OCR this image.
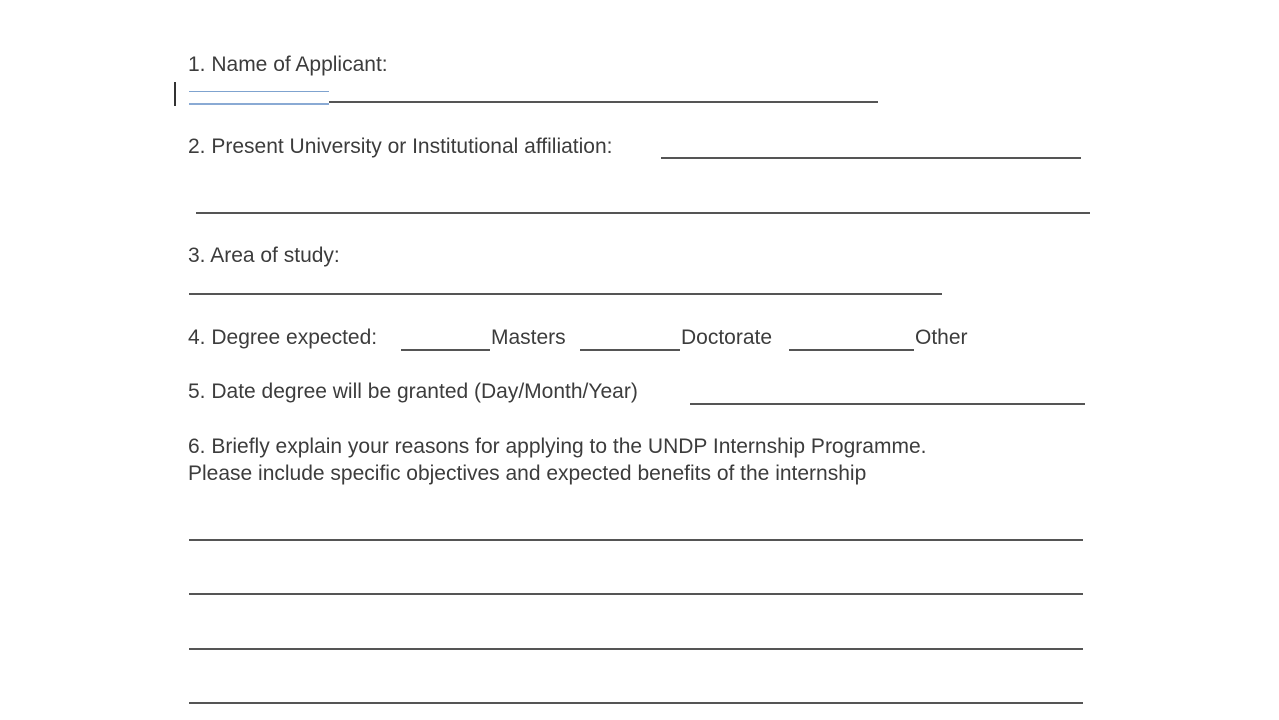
1. Name of Applicant:
2. Present University or Institutional affiliation:
3. Area of study:
4. Degree expected:	Masters	Doctorate	Other
5. Date degree will be granted (Day/Month/Year)
6. Briefly explain your reasons for applying to the UNDP Internship Programme.
Please include specific objectives and expected benefits of the internship
